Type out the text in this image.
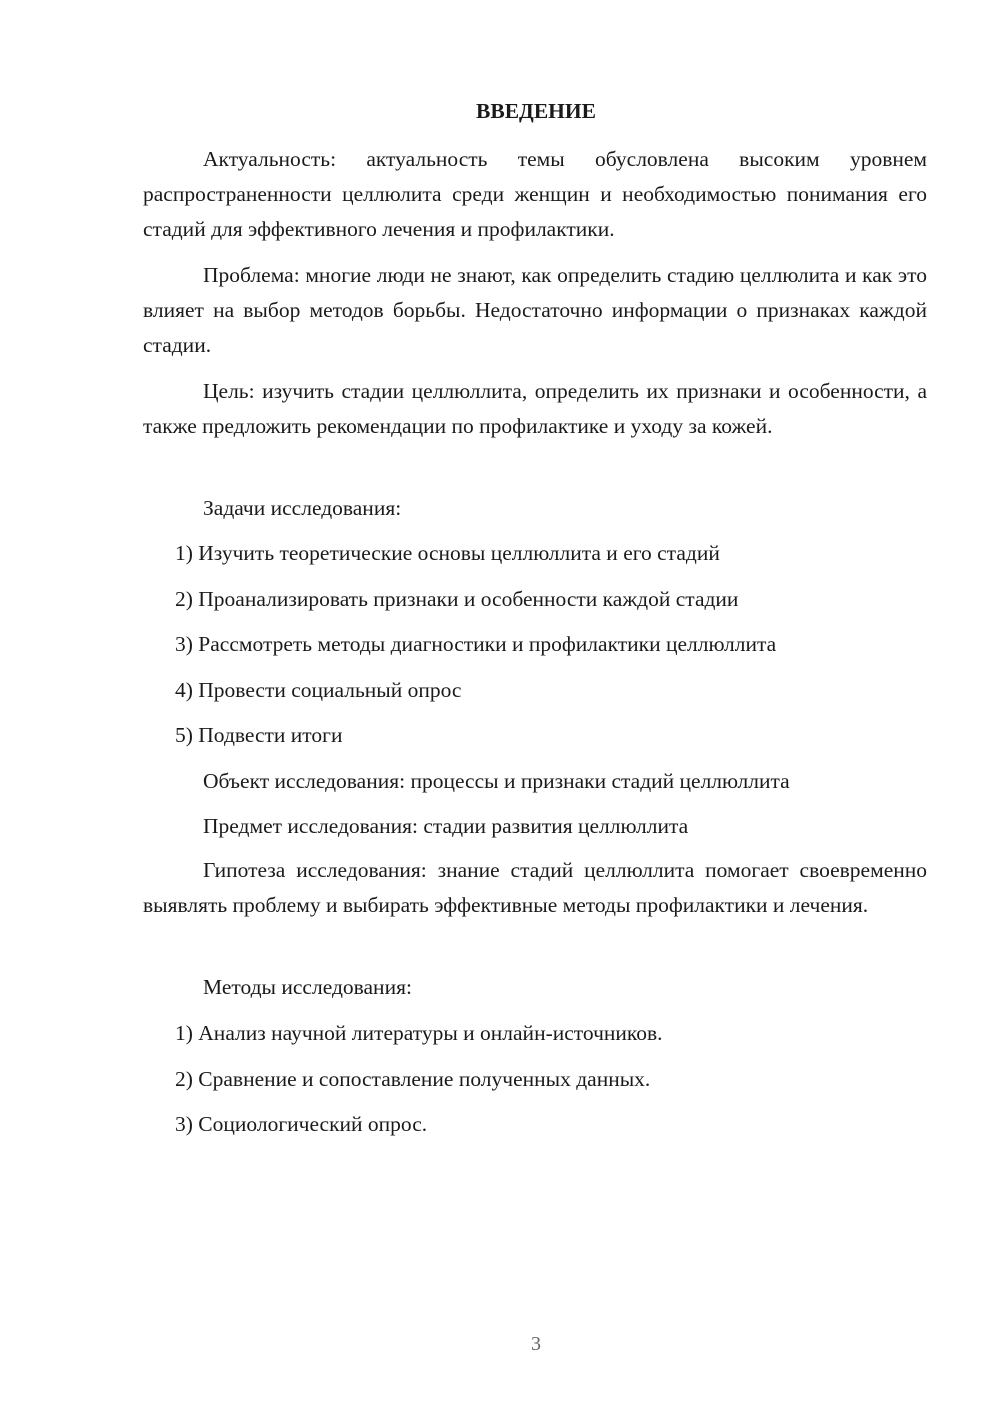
ВВЕДЕНИЕ
Актуальность: актуальность темы обусловлена высоким уровнем распространенности целлюлита среди женщин и необходимостью понимания его стадий для эффективного лечения и профилактики.
Проблема: многие люди не знают, как определить стадию целлюлита и как это влияет на выбор методов борьбы. Недостаточно информации о признаках каждой стадии.
Цель: изучить стадии целлюллита, определить их признаки и особенности, а также предложить рекомендации по профилактике и уходу за кожей.
Задачи исследования:
1) Изучить теоретические основы целлюллита и его стадий
2) Проанализировать признаки и особенности каждой стадии
3) Рассмотреть методы диагностики и профилактики целлюллита
4) Провести социальный опрос
5) Подвести итоги
Объект исследования: процессы и признаки стадий целлюллита
Предмет исследования: стадии развития целлюллита
Гипотеза исследования: знание стадий целлюллита помогает своевременно выявлять проблему и выбирать эффективные методы профилактики и лечения.
Методы исследования:
1) Анализ научной литературы и онлайн-источников.
2) Сравнение и сопоставление полученных данных.
3) Социологический опрос.
3
